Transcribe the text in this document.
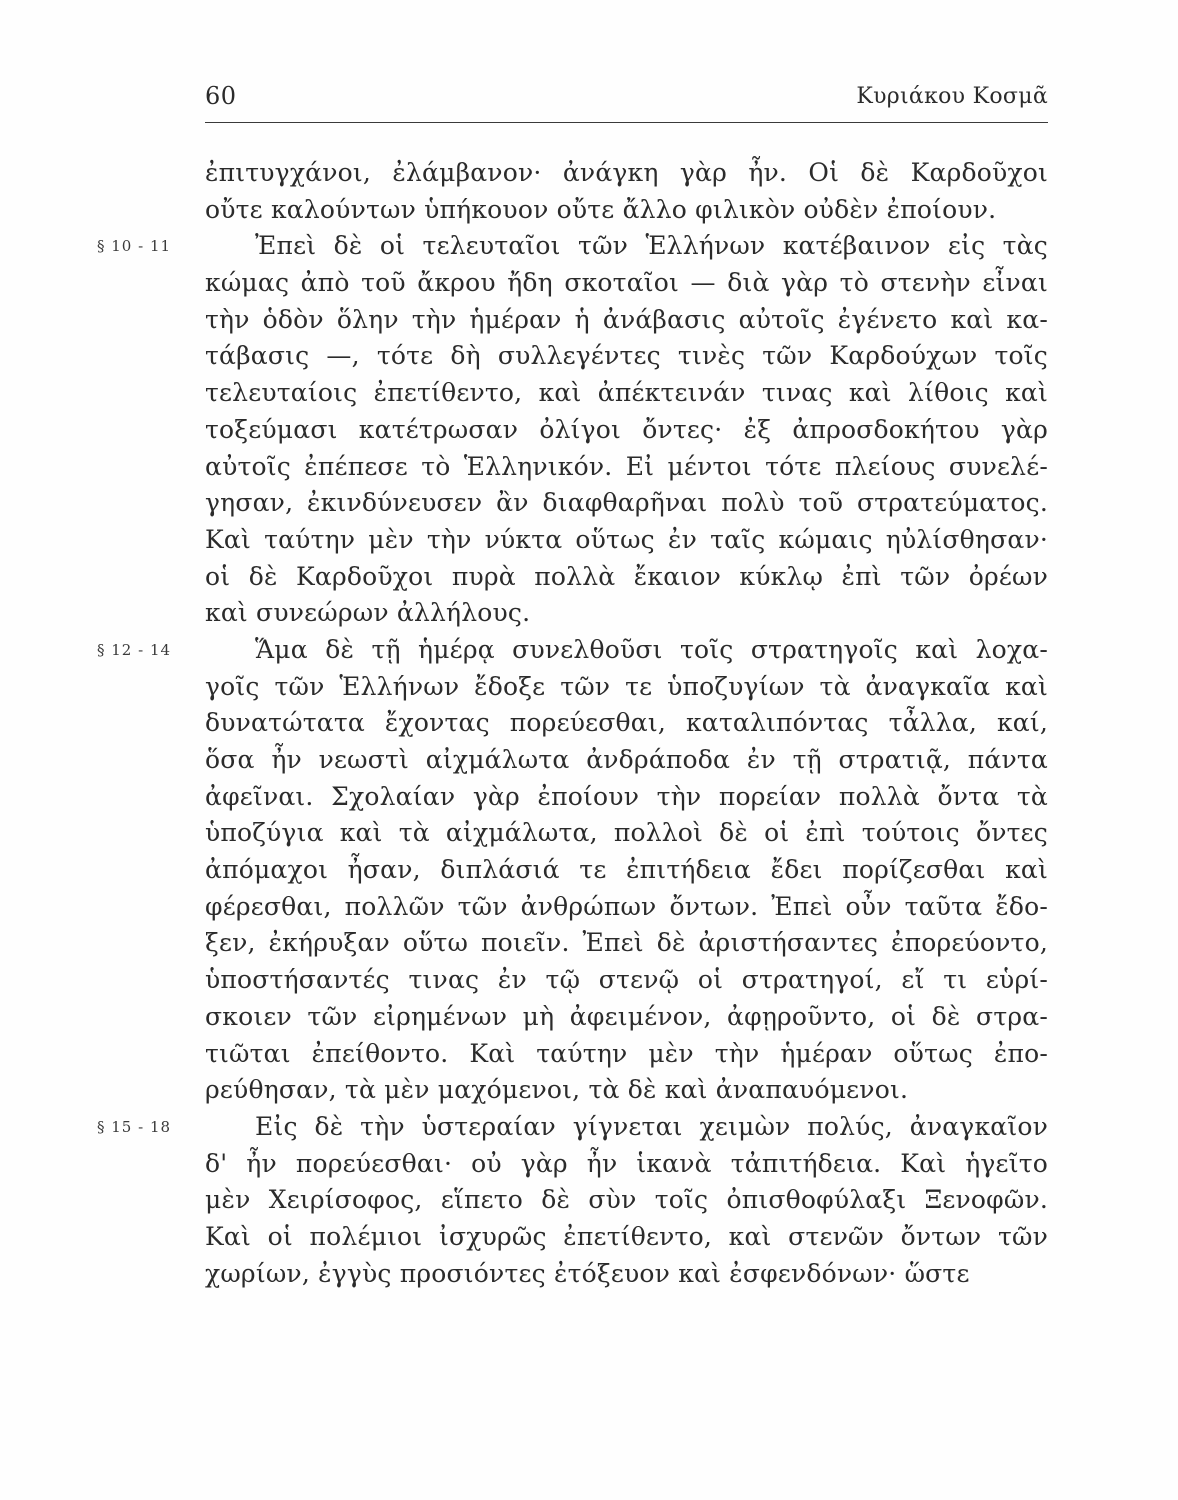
60	Κυριάκου Κοσμᾶ
ἐπιτυγχάνοι, ἐλάμβανον· ἀνάγκη γὰρ ἦν. Οἱ δὲ Καρδοῦχοι
οὔτε καλούντων ὑπήκουον οὔτε ἄλλο φιλικὸν οὐδὲν ἐποίουν.
§ 10 - 11	Ἐπεὶ δὲ οἱ τελευταῖοι τῶν Ἑλλήνων κατέβαινον εἰς τὰς
κώμας ἀπὸ τοῦ ἄκρου ἤδη σκοταῖοι — διὰ γὰρ τὸ στενὴν εἶναι
τὴν ὁδὸν ὅλην τὴν ἡμέραν ἡ ἀνάβασις αὐτοῖς ἐγένετο καὶ κα-
τάβασις —, τότε δὴ συλλεγέντες τινὲς τῶν Καρδούχων τοῖς
τελευταίοις ἐπετίθεντο, καὶ ἀπέκτεινάν τινας καὶ λίθοις καὶ
τοξεύμασι κατέτρωσαν ὀλίγοι ὄντες· ἐξ ἀπροσδοκήτου γὰρ
αὐτοῖς ἐπέπεσε τὸ Ἑλληνικόν. Εἰ μέντοι τότε πλείους συνελέ-
γησαν, ἐκινδύνευσεν ἂν διαφθαρῆναι πολὺ τοῦ στρατεύματος.
Καὶ ταύτην μὲν τὴν νύκτα οὕτως ἐν ταῖς κώμαις ηὐλίσθησαν·
οἱ δὲ Καρδοῦχοι πυρὰ πολλὰ ἔκαιον κύκλῳ ἐπὶ τῶν ὀρέων
καὶ συνεώρων ἀλλήλους.
§ 12 - 14	Ἅμα δὲ τῇ ἡμέρᾳ συνελθοῦσι τοῖς στρατηγοῖς καὶ λοχα-
γοῖς τῶν Ἑλλήνων ἔδοξε τῶν τε ὑποζυγίων τὰ ἀναγκαῖα καὶ
δυνατώτατα ἔχοντας πορεύεσθαι, καταλιπόντας τἆλλα, καί,
ὅσα ἦν νεωστὶ αἰχμάλωτα ἀνδράποδα ἐν τῇ στρατιᾷ, πάντα
ἀφεῖναι. Σχολαίαν γὰρ ἐποίουν τὴν πορείαν πολλὰ ὄντα τὰ
ὑποζύγια καὶ τὰ αἰχμάλωτα, πολλοὶ δὲ οἱ ἐπὶ τούτοις ὄντες
ἀπόμαχοι ἦσαν, διπλάσιά τε ἐπιτήδεια ἔδει πορίζεσθαι καὶ
φέρεσθαι, πολλῶν τῶν ἀνθρώπων ὄντων. Ἐπεὶ οὖν ταῦτα ἔδο-
ξεν, ἐκήρυξαν οὕτω ποιεῖν. Ἐπεὶ δὲ ἀριστήσαντες ἐπορεύοντο,
ὑποστήσαντές τινας ἐν τῷ στενῷ οἱ στρατηγοί, εἴ τι εὑρί-
σκοιεν τῶν εἰρημένων μὴ ἀφειμένον, ἀφῃροῦντο, οἱ δὲ στρα-
τιῶται ἐπείθοντο. Καὶ ταύτην μὲν τὴν ἡμέραν οὕτως ἐπο-
ρεύθησαν, τὰ μὲν μαχόμενοι, τὰ δὲ καὶ ἀναπαυόμενοι.
§ 15 - 18	Εἰς δὲ τὴν ὑστεραίαν γίγνεται χειμὼν πολύς, ἀναγκαῖον
δ' ἦν πορεύεσθαι· οὐ γὰρ ἦν ἱκανὰ τἀπιτήδεια. Καὶ ἡγεῖτο
μὲν Χειρίσοφος, εἵπετο δὲ σὺν τοῖς ὀπισθοφύλαξι Ξενοφῶν.
Καὶ οἱ πολέμιοι ἰσχυρῶς ἐπετίθεντο, καὶ στενῶν ὄντων τῶν
χωρίων, ἐγγὺς προσιόντες ἐτόξευον καὶ ἐσφενδόνων· ὥστε
